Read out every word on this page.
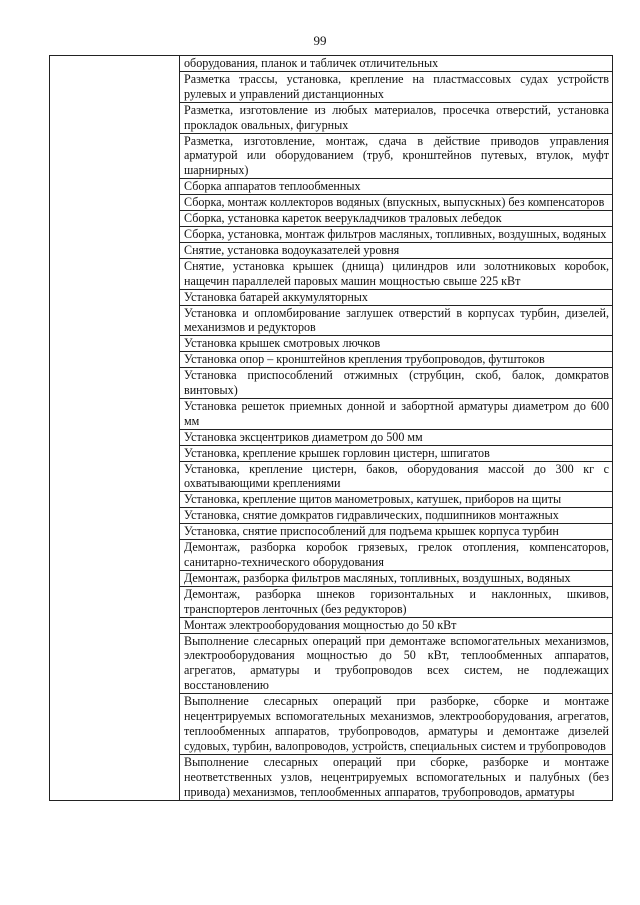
99
	оборудования, планок и табличек отличительных
Разметка трассы, установка, крепление на пластмассовых судах устройств рулевых и управлений дистанционных
Разметка, изготовление из любых материалов, просечка отверстий, установка прокладок овальных, фигурных
Разметка, изготовление, монтаж, сдача в действие приводов управления арматурой или оборудованием (труб, кронштейнов путевых, втулок, муфт шарнирных)
Сборка аппаратов теплообменных
Сборка, монтаж коллекторов водяных (впускных, выпускных) без компенсаторов
Сборка, установка кареток вееруклaдчиков траловых лебедок
Сборка, установка, монтаж фильтров масляных, топливных, воздушных, водяных
Снятие, установка водоуказателей уровня
Снятие, установка крышек (днища) цилиндров или золотниковых коробок, нащечин параллелей паровых машин мощностью свыше 225 кВт
Установка батарей аккумуляторных
Установка и опломбирование заглушек отверстий в корпусах турбин, дизелей, механизмов и редукторов
Установка крышек смотровых лючков
Установка опор – кронштейнов крепления трубопроводов, футштоков
Установка приспособлений отжимных (струбцин, скоб, балок, домкратов винтовых)
Установка решеток приемных донной и забортной арматуры диаметром до 600 мм
Установка эксцентриков диаметром до 500 мм
Установка, крепление крышек горловин цистерн, шпигатов
Установка, крепление цистерн, баков, оборудования массой до 300 кг с охватывающими креплениями
Установка, крепление щитов манометровых, катушек, приборов на щиты
Установка, снятие домкратов гидравлических, подшипников монтажных
Установка, снятие приспособлений для подъема крышек корпуса турбин
Демонтаж, разборка коробок грязевых, грелок отопления, компенсаторов, санитарно-технического оборудования
Демонтаж, разборка фильтров масляных, топливных, воздушных, водяных
Демонтаж, разборка шнеков горизонтальных и наклонных, шкивов, транспортеров ленточных (без редукторов)
Монтаж электрооборудования мощностью до 50 кВт
Выполнение слесарных операций при демонтаже вспомогательных механизмов, электрооборудования мощностью до 50 кВт, теплообменных аппаратов, агрегатов, арматуры и трубопроводов всех систем, не подлежащих восстановлению
Выполнение слесарных операций при разборке, сборке и монтаже нецентрируемых вспомогательных механизмов, электрооборудования, агрегатов, теплообменных аппаратов, трубопроводов, арматуры и демонтаже дизелей судовых, турбин, валопроводов, устройств, специальных систем и трубопроводов
Выполнение слесарных операций при сборке, разборке и монтаже неответственных узлов, нецентрируемых вспомогательных и палубных (без привода) механизмов, теплообменных аппаратов, трубопроводов, арматуры
